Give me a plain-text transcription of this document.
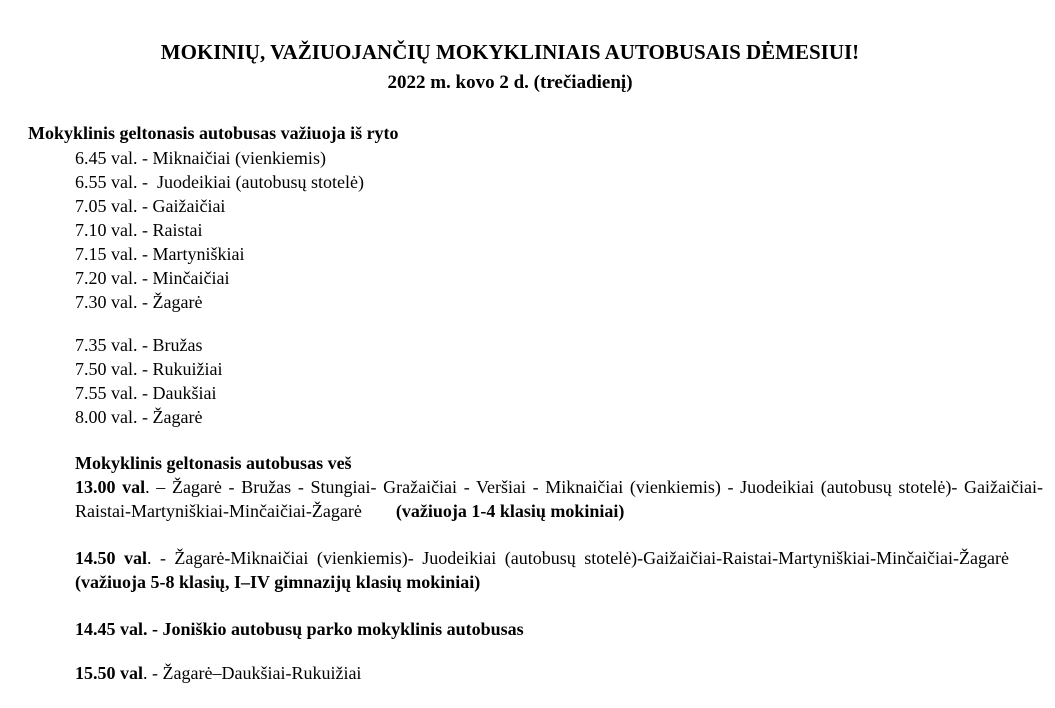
MOKINIŲ, VAŽIUOJANČIŲ MOKYKLINIAIS AUTOBUSAIS DĖMESIUI!
2022 m. kovo 2 d. (trečiadienį)
Mokyklinis geltonasis autobusas važiuoja iš ryto
6.45 val. - Miknaičiai (vienkiemis)
6.55 val. -  Juodeikiai (autobusų stotelė)
7.05 val. - Gaižaičiai
7.10 val. - Raistai
7.15 val. - Martyniškiai
7.20 val. - Minčaičiai
7.30 val. - Žagarė
7.35 val. - Bružas
7.50 val. - Rukuižiai
7.55 val. - Daukšiai
8.00 val. - Žagarė

Mokyklinis geltonasis autobusas veš

13.00 val. – Žagarė - Bružas - Stungiai- Gražaičiai - Veršiai - Miknaičiai (vienkiemis) - Juodeikiai (autobusų stotelė)- Gaižaičiai- Raistai-Martyniškiai-Minčaičiai-Žagarė (važiuoja 1-4 klasių mokiniai)

14.50 val. - Žagarė-Miknaičiai (vienkiemis)- Juodeikiai (autobusų stotelė)-Gaižaičiai-Raistai-Martyniškiai-Minčaičiai-Žagarė(važiuoja 5-8 klasių, I–IV gimnazijų klasių mokiniai)

14.45 val. - Joniškio autobusų parko mokyklinis autobusas

15.50 val. - Žagarė–Daukšiai-Rukuižiai
